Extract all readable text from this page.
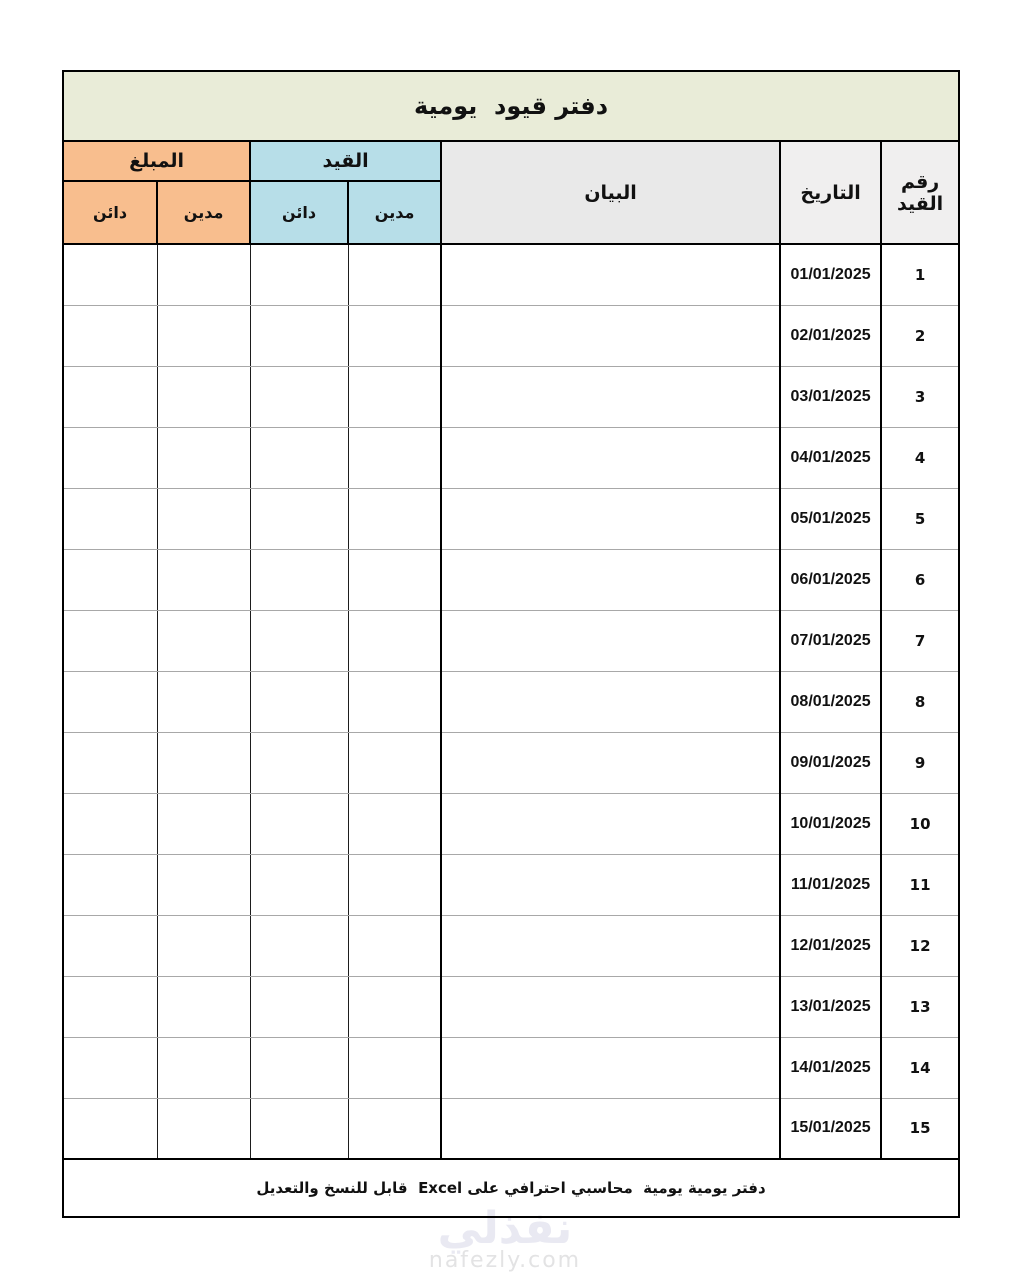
نفذلي
nafezly.com
دفتر قيود  يومية						
رقم القيد	التاريخ	البيان	القيد		المبلغ	
			مدين	دائن	مدين	دائن
1	01/01/2025					
2	02/01/2025					
3	03/01/2025					
4	04/01/2025					
5	05/01/2025					
6	06/01/2025					
7	07/01/2025					
8	08/01/2025					
9	09/01/2025					
10	10/01/2025					
11	11/01/2025					
12	12/01/2025					
13	13/01/2025					
14	14/01/2025					
15	15/01/2025					
دفتر يومية يومية  محاسبي احترافي على Excel  قابل للنسخ والتعديل						
